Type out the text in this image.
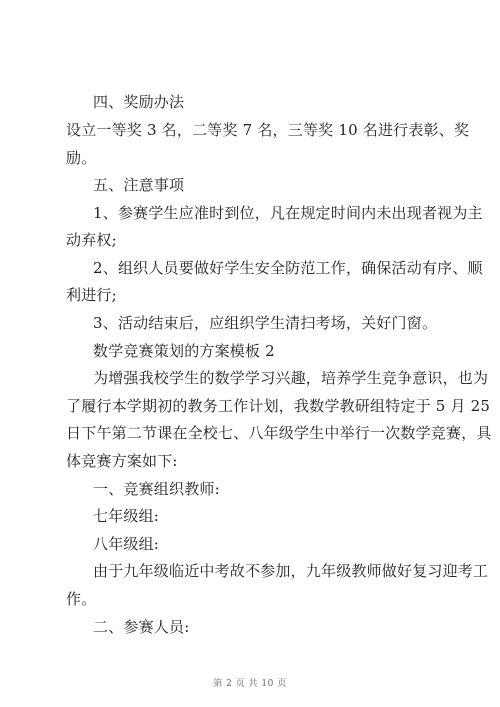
四、奖励办法
设立一等奖 3 名，二等奖 7 名，三等奖 10 名进行表彰、奖
励。
五、注意事项
1、参赛学生应准时到位，凡在规定时间内未出现者视为主
动弃权;
2、组织人员要做好学生安全防范工作，确保活动有序、顺
利进行;
3、活动结束后，应组织学生清扫考场，关好门窗。
数学竞赛策划的方案模板 2
为增强我校学生的数学学习兴趣，培养学生竞争意识，也为
了履行本学期初的教务工作计划，我数学教研组特定于 5 月 25
日下午第二节课在全校七、八年级学生中举行一次数学竞赛，具
体竞赛方案如下:
一、竞赛组织教师:
七年级组:
八年级组:
由于九年级临近中考故不参加，九年级教师做好复习迎考工
作。
二、参赛人员:
第 2 页 共 10 页
